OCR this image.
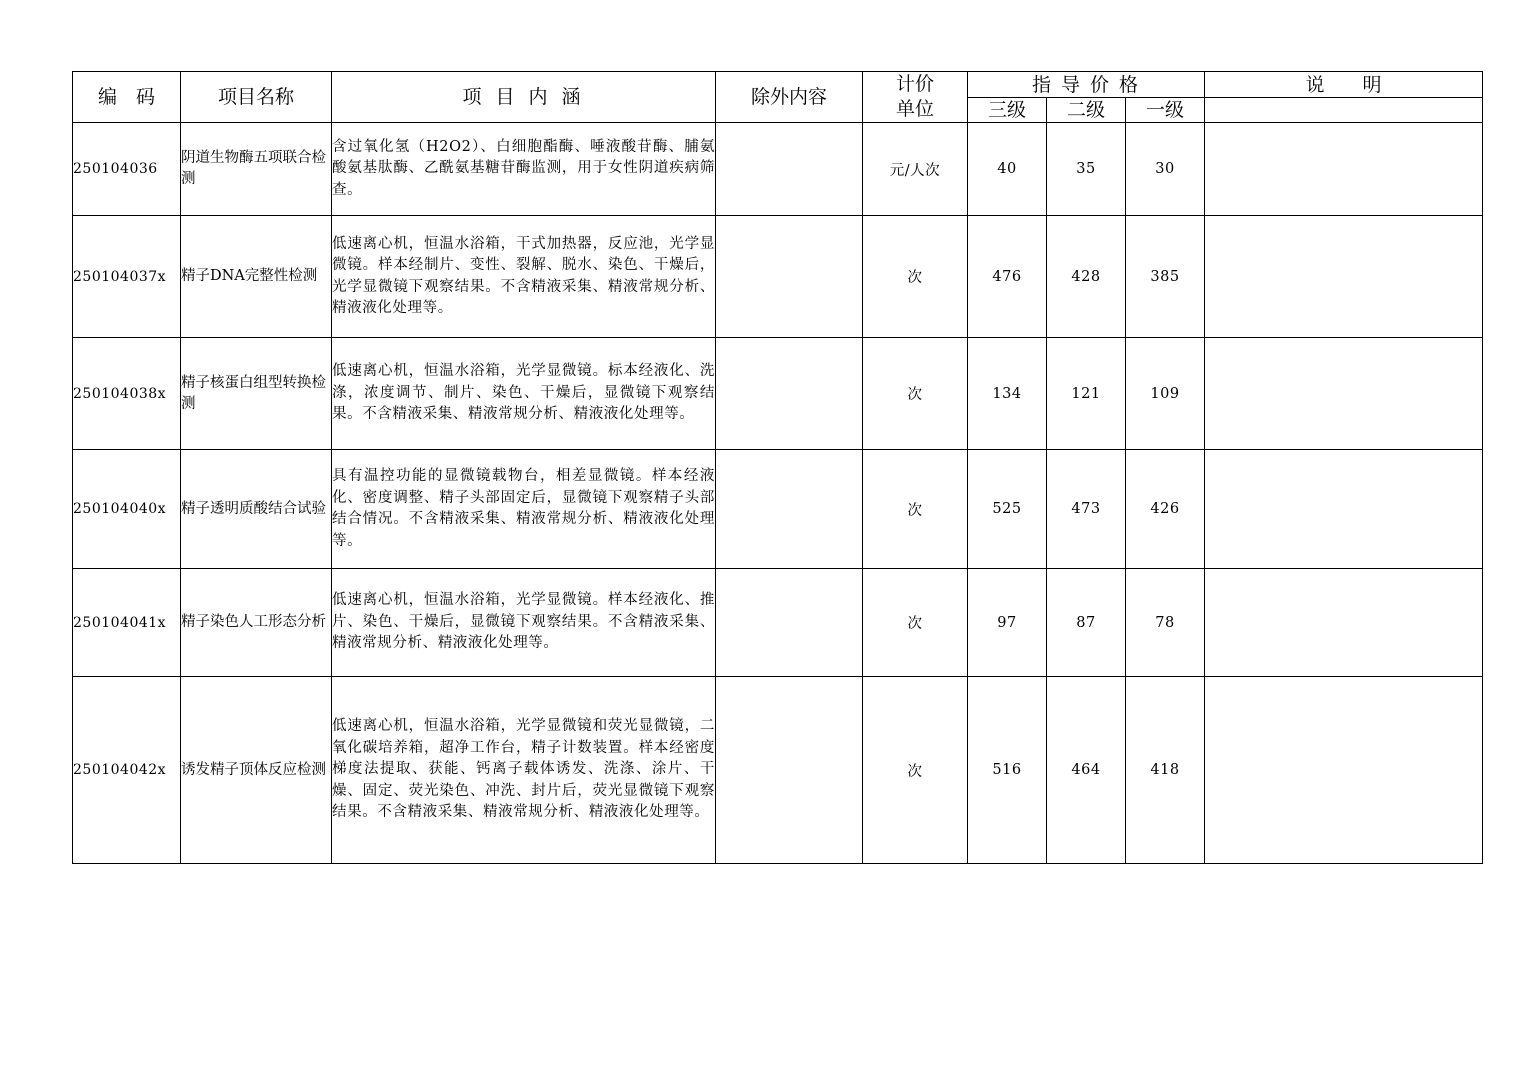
编　码	项目名称	项 目 内 涵	除外内容	计价单位	指 导 价 格			说　　明
					三级	二级	一级	
250104036	阴道生物酶五项联合检测	含过氧化氢（H2O2）、白细胞酯酶、唾液酸苷酶、脯氨酸氨基肽酶、乙酰氨基糖苷酶监测，用于女性阴道疾病筛查。		元/人次	40	35	30	
250104037x	精子DNA完整性检测	低速离心机，恒温水浴箱，干式加热器，反应池，光学显微镜。样本经制片、变性、裂解、脱水、染色、干燥后，光学显微镜下观察结果。不含精液采集、精液常规分析、精液液化处理等。		次	476	428	385	
250104038x	精子核蛋白组型转换检测	低速离心机，恒温水浴箱，光学显微镜。标本经液化、洗涤，浓度调节、制片、染色、干燥后，显微镜下观察结果。不含精液采集、精液常规分析、精液液化处理等。		次	134	121	109	
250104040x	精子透明质酸结合试验	具有温控功能的显微镜载物台，相差显微镜。样本经液化、密度调整、精子头部固定后，显微镜下观察精子头部结合情况。不含精液采集、精液常规分析、精液液化处理等。		次	525	473	426	
250104041x	精子染色人工形态分析	低速离心机，恒温水浴箱，光学显微镜。样本经液化、推片、染色、干燥后，显微镜下观察结果。不含精液采集、精液常规分析、精液液化处理等。		次	97	87	78	
250104042x	诱发精子顶体反应检测	低速离心机，恒温水浴箱，光学显微镜和荧光显微镜，二氧化碳培养箱，超净工作台，精子计数装置。样本经密度梯度法提取、获能、钙离子载体诱发、洗涤、涂片、干燥、固定、荧光染色、冲洗、封片后，荧光显微镜下观察结果。不含精液采集、精液常规分析、精液液化处理等。		次	516	464	418	
